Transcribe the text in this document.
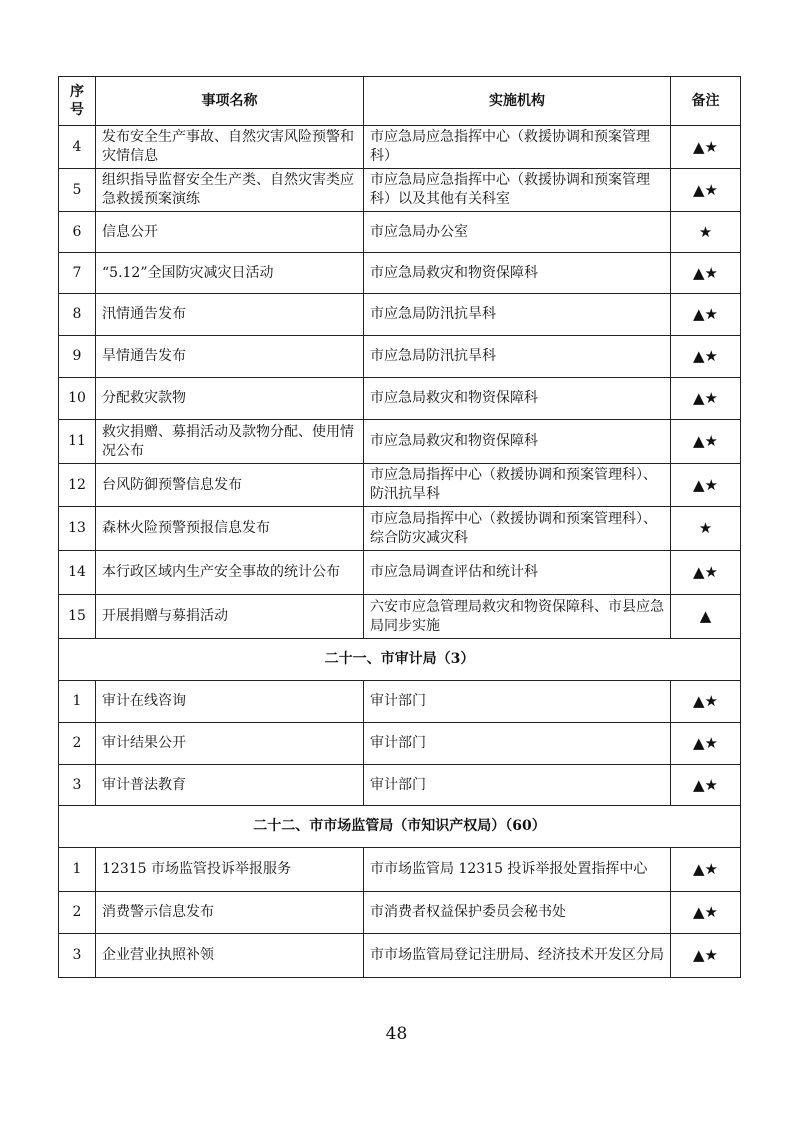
序号	事项名称	实施机构	备注
4	发布安全生产事故、自然灾害风险预警和灾情信息	市应急局应急指挥中心（救援协调和预案管理科）	▲★
5	组织指导监督安全生产类、自然灾害类应急救援预案演练	市应急局应急指挥中心（救援协调和预案管理科）以及其他有关科室	▲★
6	信息公开	市应急局办公室	★
7	“5.12”全国防灾减灾日活动	市应急局救灾和物资保障科	▲★
8	汛情通告发布	市应急局防汛抗旱科	▲★
9	旱情通告发布	市应急局防汛抗旱科	▲★
10	分配救灾款物	市应急局救灾和物资保障科	▲★
11	救灾捐赠、募捐活动及款物分配、使用情况公布	市应急局救灾和物资保障科	▲★
12	台风防御预警信息发布	市应急局指挥中心（救援协调和预案管理科）、防汛抗旱科	▲★
13	森林火险预警预报信息发布	市应急局指挥中心（救援协调和预案管理科）、综合防灾减灾科	★
14	本行政区域内生产安全事故的统计公布	市应急局调查评估和统计科	▲★
15	开展捐赠与募捐活动	六安市应急管理局救灾和物资保障科、市县应急局同步实施	▲
二十一、市审计局（3）			
1	审计在线咨询	审计部门	▲★
2	审计结果公开	审计部门	▲★
3	审计普法教育	审计部门	▲★
二十二、市市场监管局（市知识产权局）（60）			
1	12315 市场监管投诉举报服务	市市场监管局 12315 投诉举报处置指挥中心	▲★
2	消费警示信息发布	市消费者权益保护委员会秘书处	▲★
3	企业营业执照补领	市市场监管局登记注册局、经济技术开发区分局	▲★
48
